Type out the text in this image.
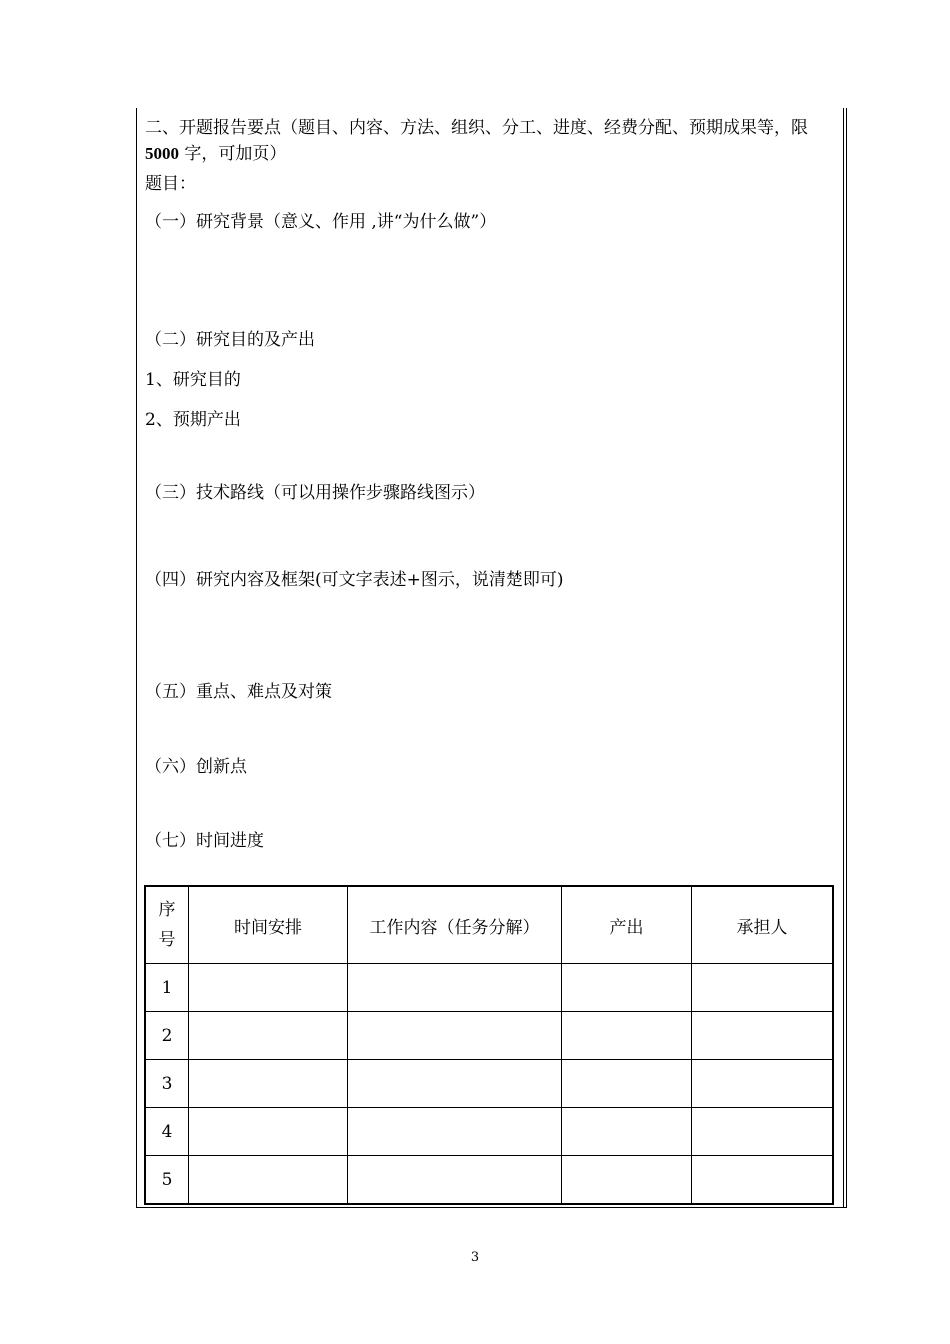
二、开题报告要点（题目、内容、方法、组织、分工、进度、经费分配、预期成果等，限 5000 字，可加页）
题目：
（一）研究背景（意义、作用 ,讲“为什么做”）
（二）研究目的及产出
1、研究目的
2、预期产出
（三）技术路线（可以用操作步骤路线图示）
（四）研究内容及框架(可文字表述+图示，说清楚即可)
（五）重点、难点及对策
（六）创新点
（七）时间进度
序
号	时间安排	工作内容（任务分解）	产出	承担人
1				
2				
3				
4				
5				
3
